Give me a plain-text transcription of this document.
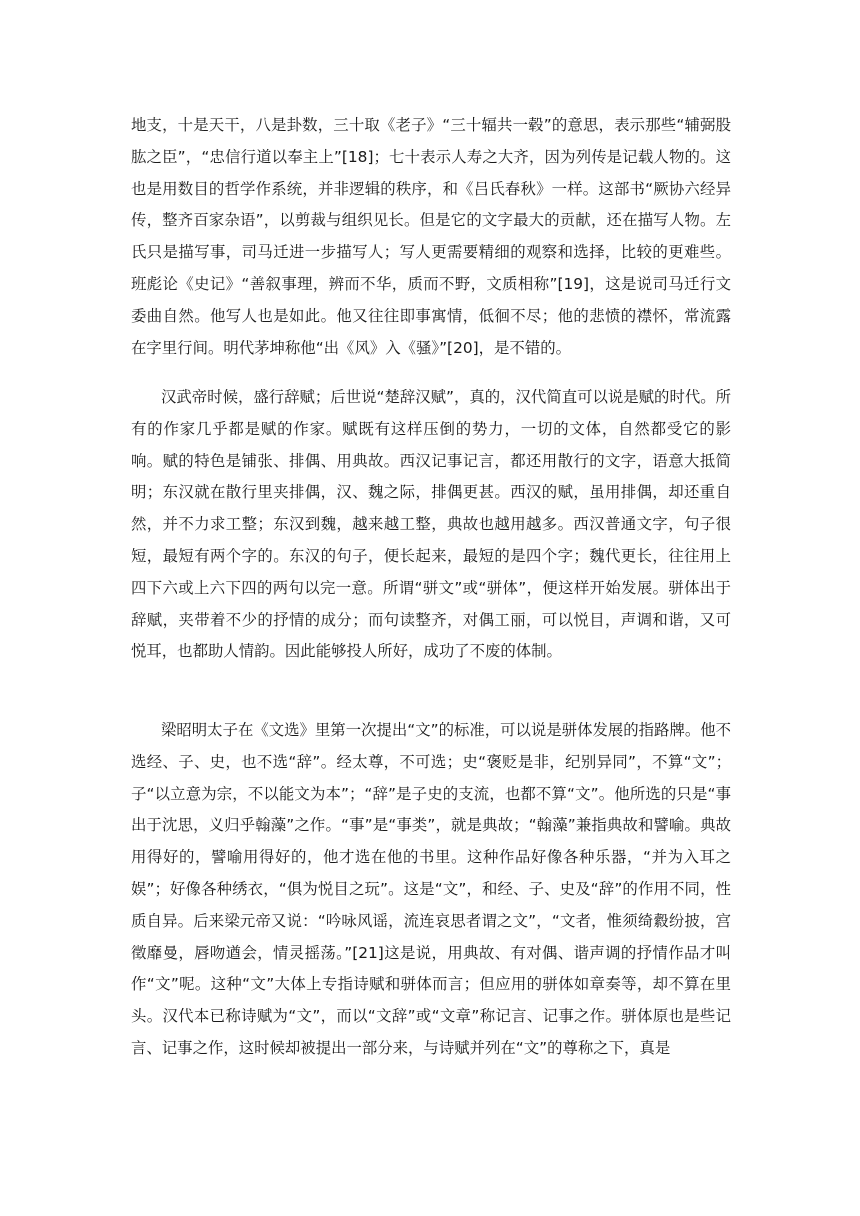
地支，十是天干，八是卦数，三十取《老子》“三十辐共一毂”的意思，表示那些“辅弼股肱之臣”，“忠信行道以奉主上”[18]；七十表示人寿之大齐，因为列传是记载人物的。这也是用数目的哲学作系统，并非逻辑的秩序，和《吕氏春秋》一样。这部书“厥协六经异传，整齐百家杂语”，以剪裁与组织见长。但是它的文字最大的贡献，还在描写人物。左氏只是描写事，司马迁进一步描写人；写人更需要精细的观察和选择，比较的更难些。班彪论《史记》“善叙事理，辨而不华，质而不野，文质相称”[19]，这是说司马迁行文委曲自然。他写人也是如此。他又往往即事寓情，低徊不尽；他的悲愤的襟怀，常流露在字里行间。明代茅坤称他“出《风》入《骚》”[20]，是不错的。

汉武帝时候，盛行辞赋；后世说“楚辞汉赋”，真的，汉代简直可以说是赋的时代。所有的作家几乎都是赋的作家。赋既有这样压倒的势力，一切的文体，自然都受它的影响。赋的特色是铺张、排偶、用典故。西汉记事记言，都还用散行的文字，语意大抵简明；东汉就在散行里夹排偶，汉、魏之际，排偶更甚。西汉的赋，虽用排偶，却还重自然，并不力求工整；东汉到魏，越来越工整，典故也越用越多。西汉普通文字，句子很短，最短有两个字的。东汉的句子，便长起来，最短的是四个字；魏代更长，往往用上四下六或上六下四的两句以完一意。所谓“骈文”或“骈体”，便这样开始发展。骈体出于辞赋，夹带着不少的抒情的成分；而句读整齐，对偶工丽，可以悦目，声调和谐，又可悦耳，也都助人情韵。因此能够投人所好，成功了不废的体制。

梁昭明太子在《文选》里第一次提出“文”的标准，可以说是骈体发展的指路牌。他不选经、子、史，也不选“辞”。经太尊，不可选；史“褒贬是非，纪别异同”，不算“文”；子“以立意为宗，不以能文为本”；“辞”是子史的支流，也都不算“文”。他所选的只是“事出于沈思，义归乎翰藻”之作。“事”是“事类”，就是典故；“翰藻”兼指典故和譬喻。典故用得好的，譬喻用得好的，他才选在他的书里。这种作品好像各种乐器，“并为入耳之娱”；好像各种绣衣，“俱为悦目之玩”。这是“文”，和经、子、史及“辞”的作用不同，性质自异。后来梁元帝又说：“吟咏风谣，流连哀思者谓之文”，“文者，惟须绮縠纷披，宫徵靡曼，唇吻遒会，情灵摇荡。”[21]这是说，用典故、有对偶、谐声调的抒情作品才叫作“文”呢。这种“文”大体上专指诗赋和骈体而言；但应用的骈体如章奏等，却不算在里头。汉代本已称诗赋为“文”，而以“文辞”或“文章”称记言、记事之作。骈体原也是些记言、记事之作，这时候却被提出一部分来，与诗赋并列在“文”的尊称之下，真是
